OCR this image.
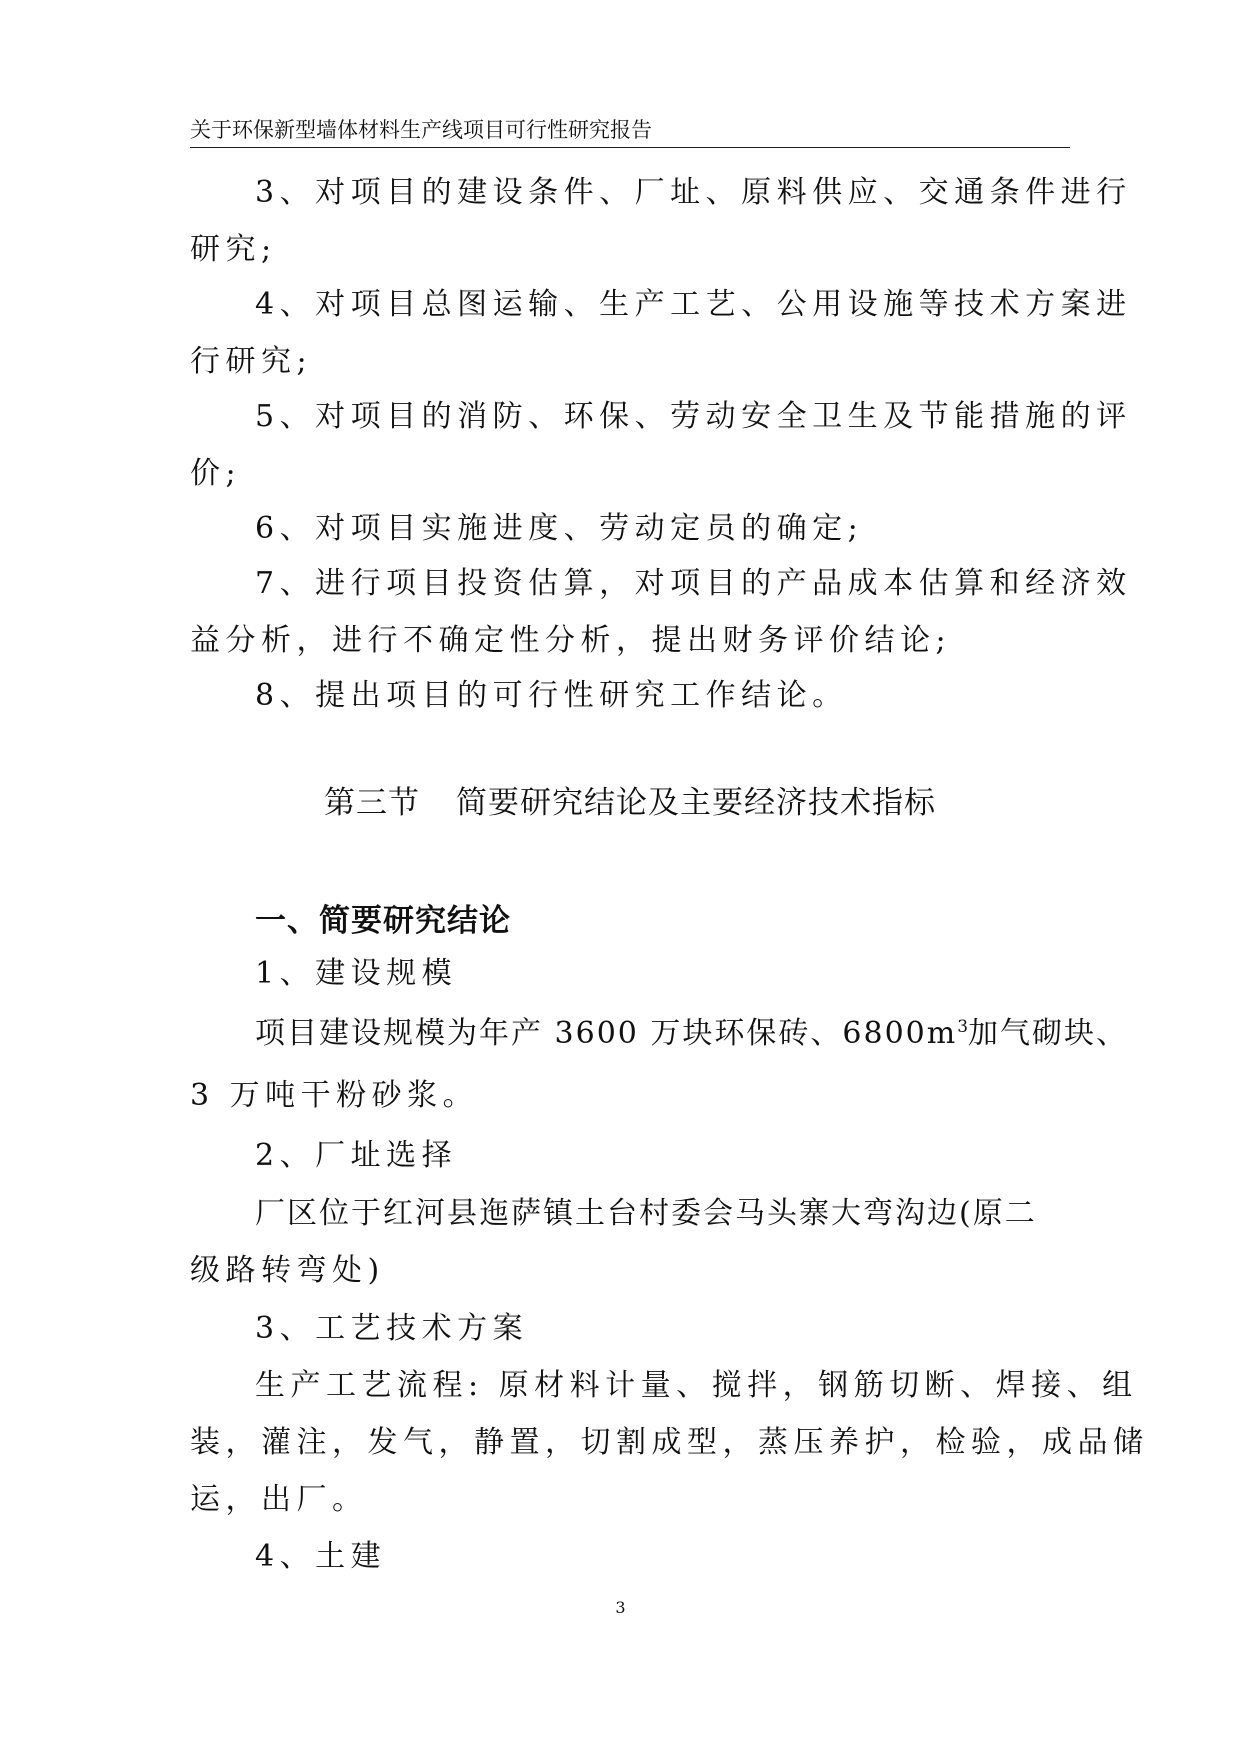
关于环保新型墙体材料生产线项目可行性研究报告
3、对项目的建设条件、厂址、原料供应、交通条件进行
研究;
4、对项目总图运输、生产工艺、公用设施等技术方案进
行研究;
5、对项目的消防、环保、劳动安全卫生及节能措施的评
价;
6、对项目实施进度、劳动定员的确定;
7、进行项目投资估算，对项目的产品成本估算和经济效
益分析，进行不确定性分析，提出财务评价结论;
8、提出项目的可行性研究工作结论。
第三节 简要研究结论及主要经济技术指标
一、简要研究结论
1、建设规模
项目建设规模为年产 3600 万块环保砖、$6800m^3$加气砌块、
3 万吨干粉砂浆。
2、厂址选择
厂区位于红河县迤萨镇土台村委会马头寨大弯沟边(原二
级路转弯处)
3、工艺技术方案
生产工艺流程: 原材料计量、搅拌，钢筋切断、焊接、组
装，灌注，发气，静置，切割成型，蒸压养护，检验，成品储
运，出厂。
4、土建
3
